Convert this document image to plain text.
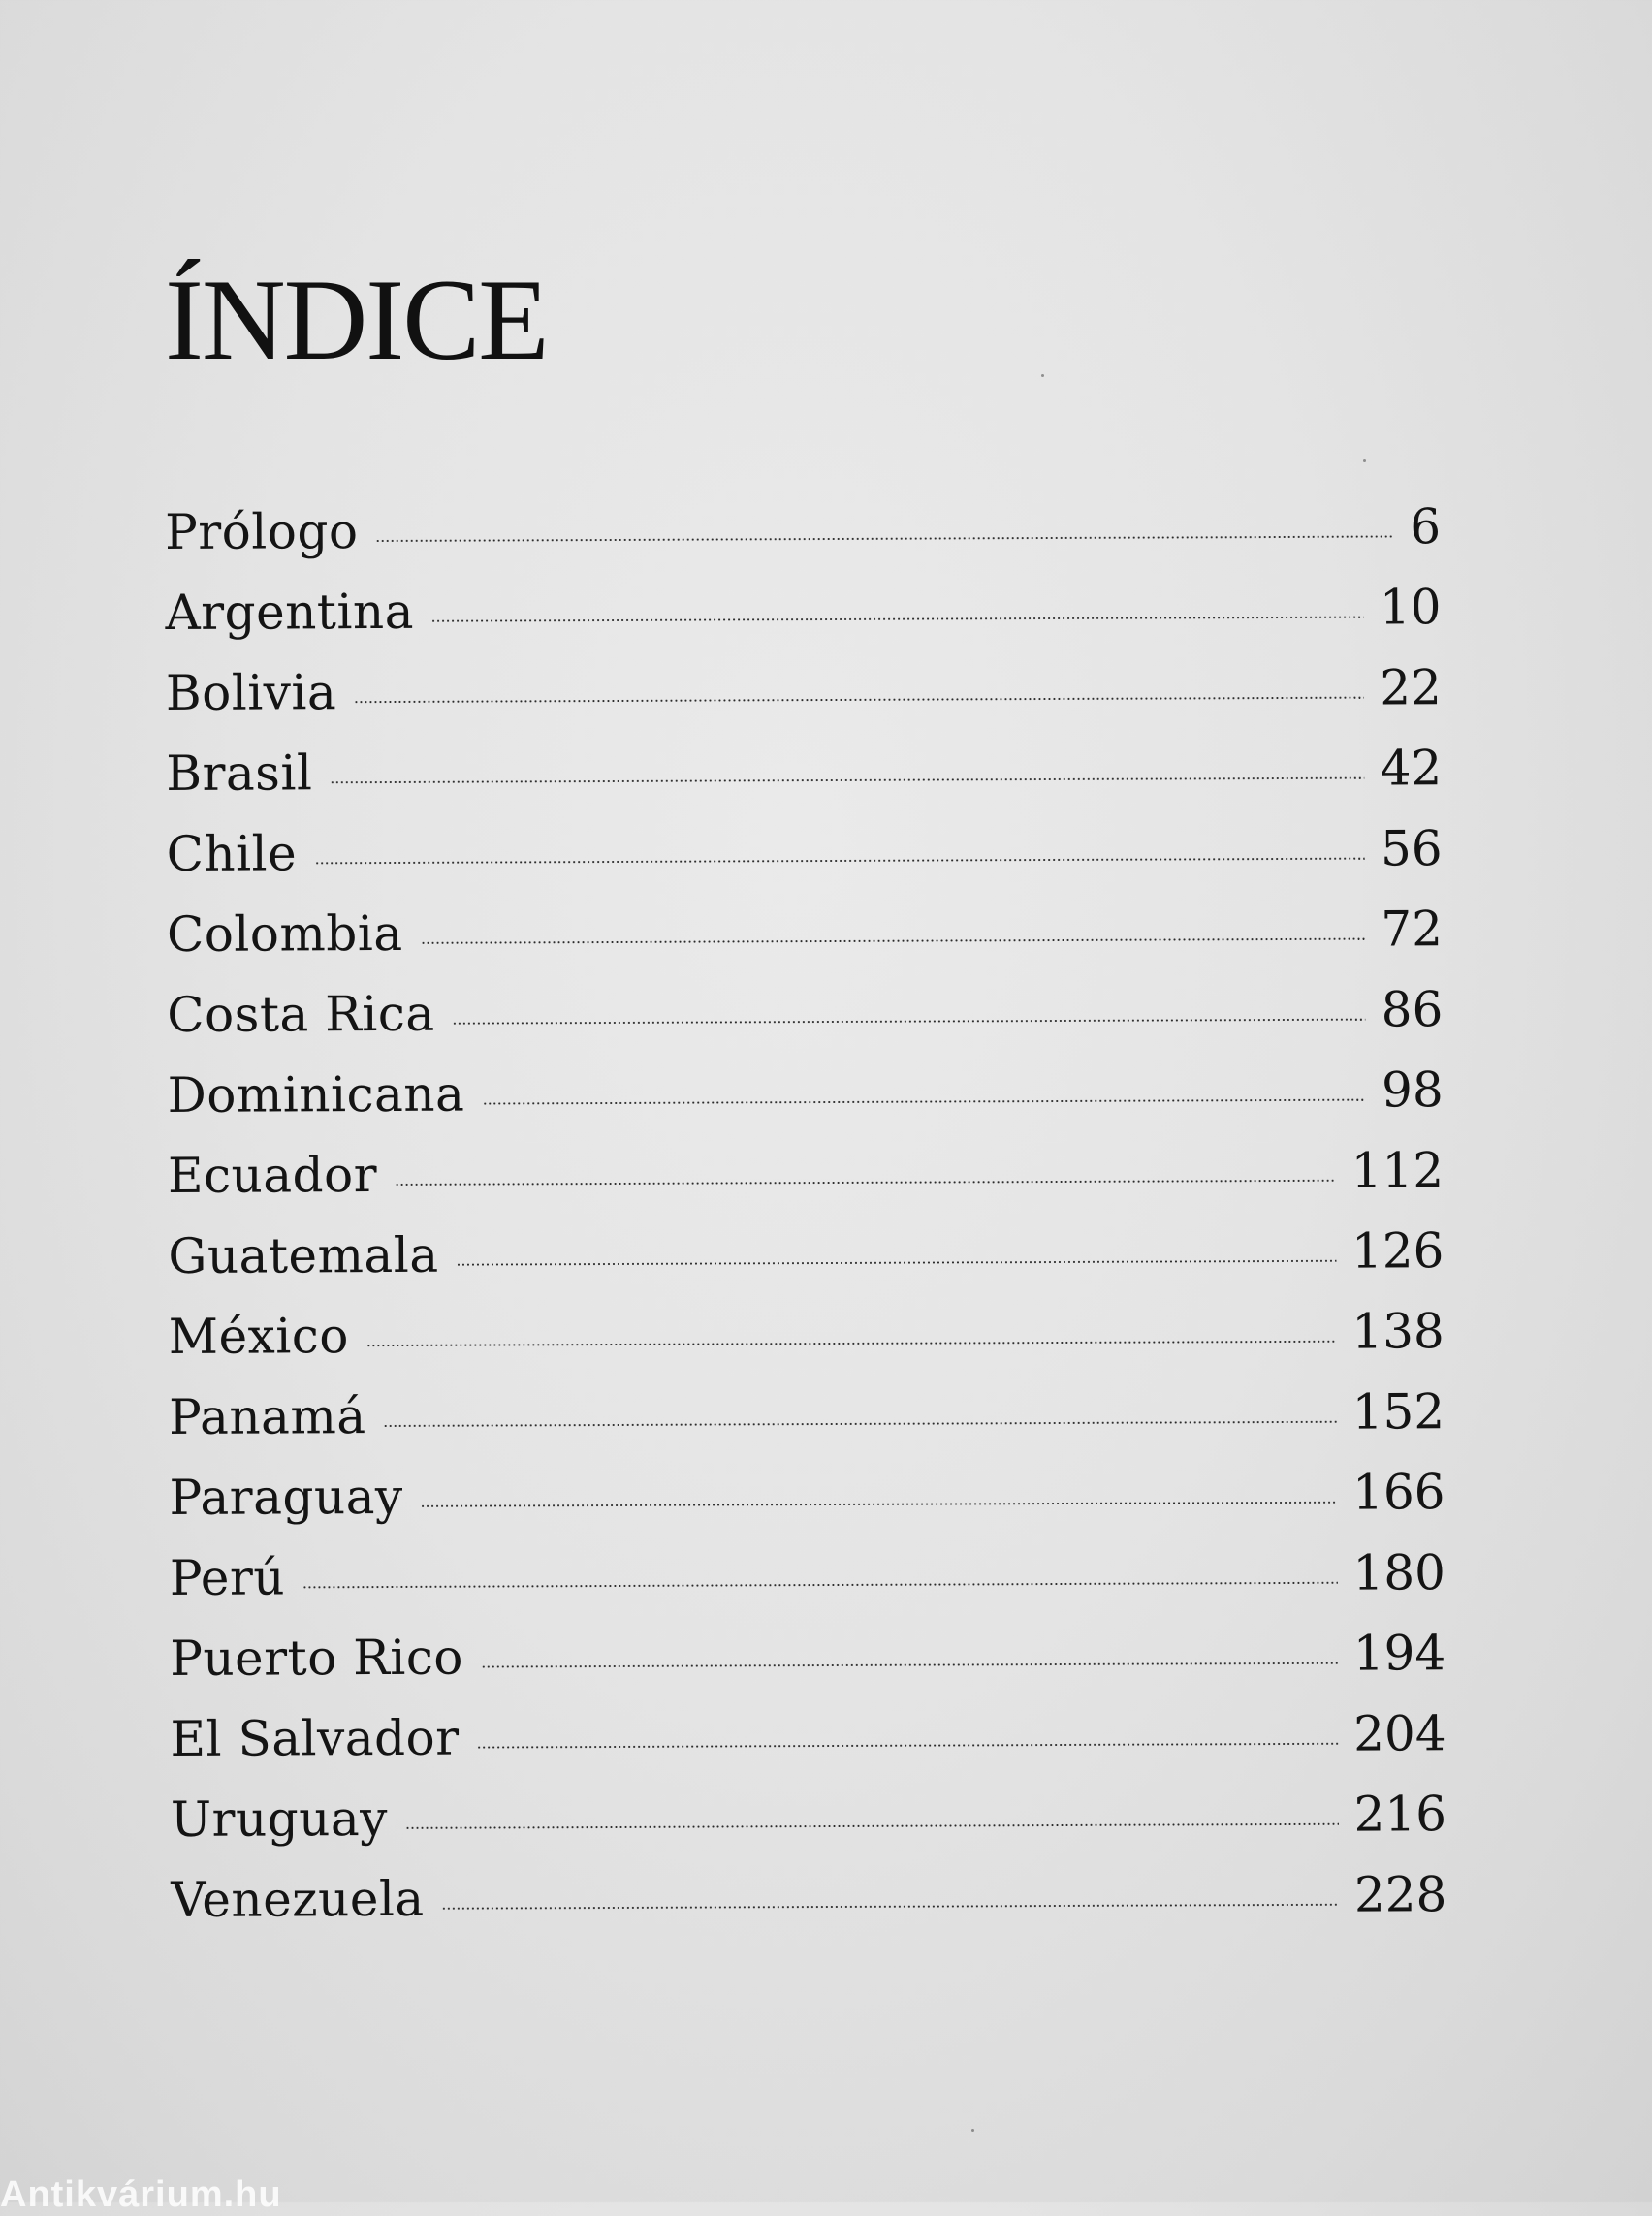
ÍNDICE
Prólogo	6
Argentina	10
Bolivia	22
Brasil	42
Chile	56
Colombia	72
Costa Rica	86
Dominicana	98
Ecuador	112
Guatemala	126
México	138
Panamá	152
Paraguay	166
Perú	180
Puerto Rico	194
El Salvador	204
Uruguay	216
Venezuela	228
Antikvárium.hu
